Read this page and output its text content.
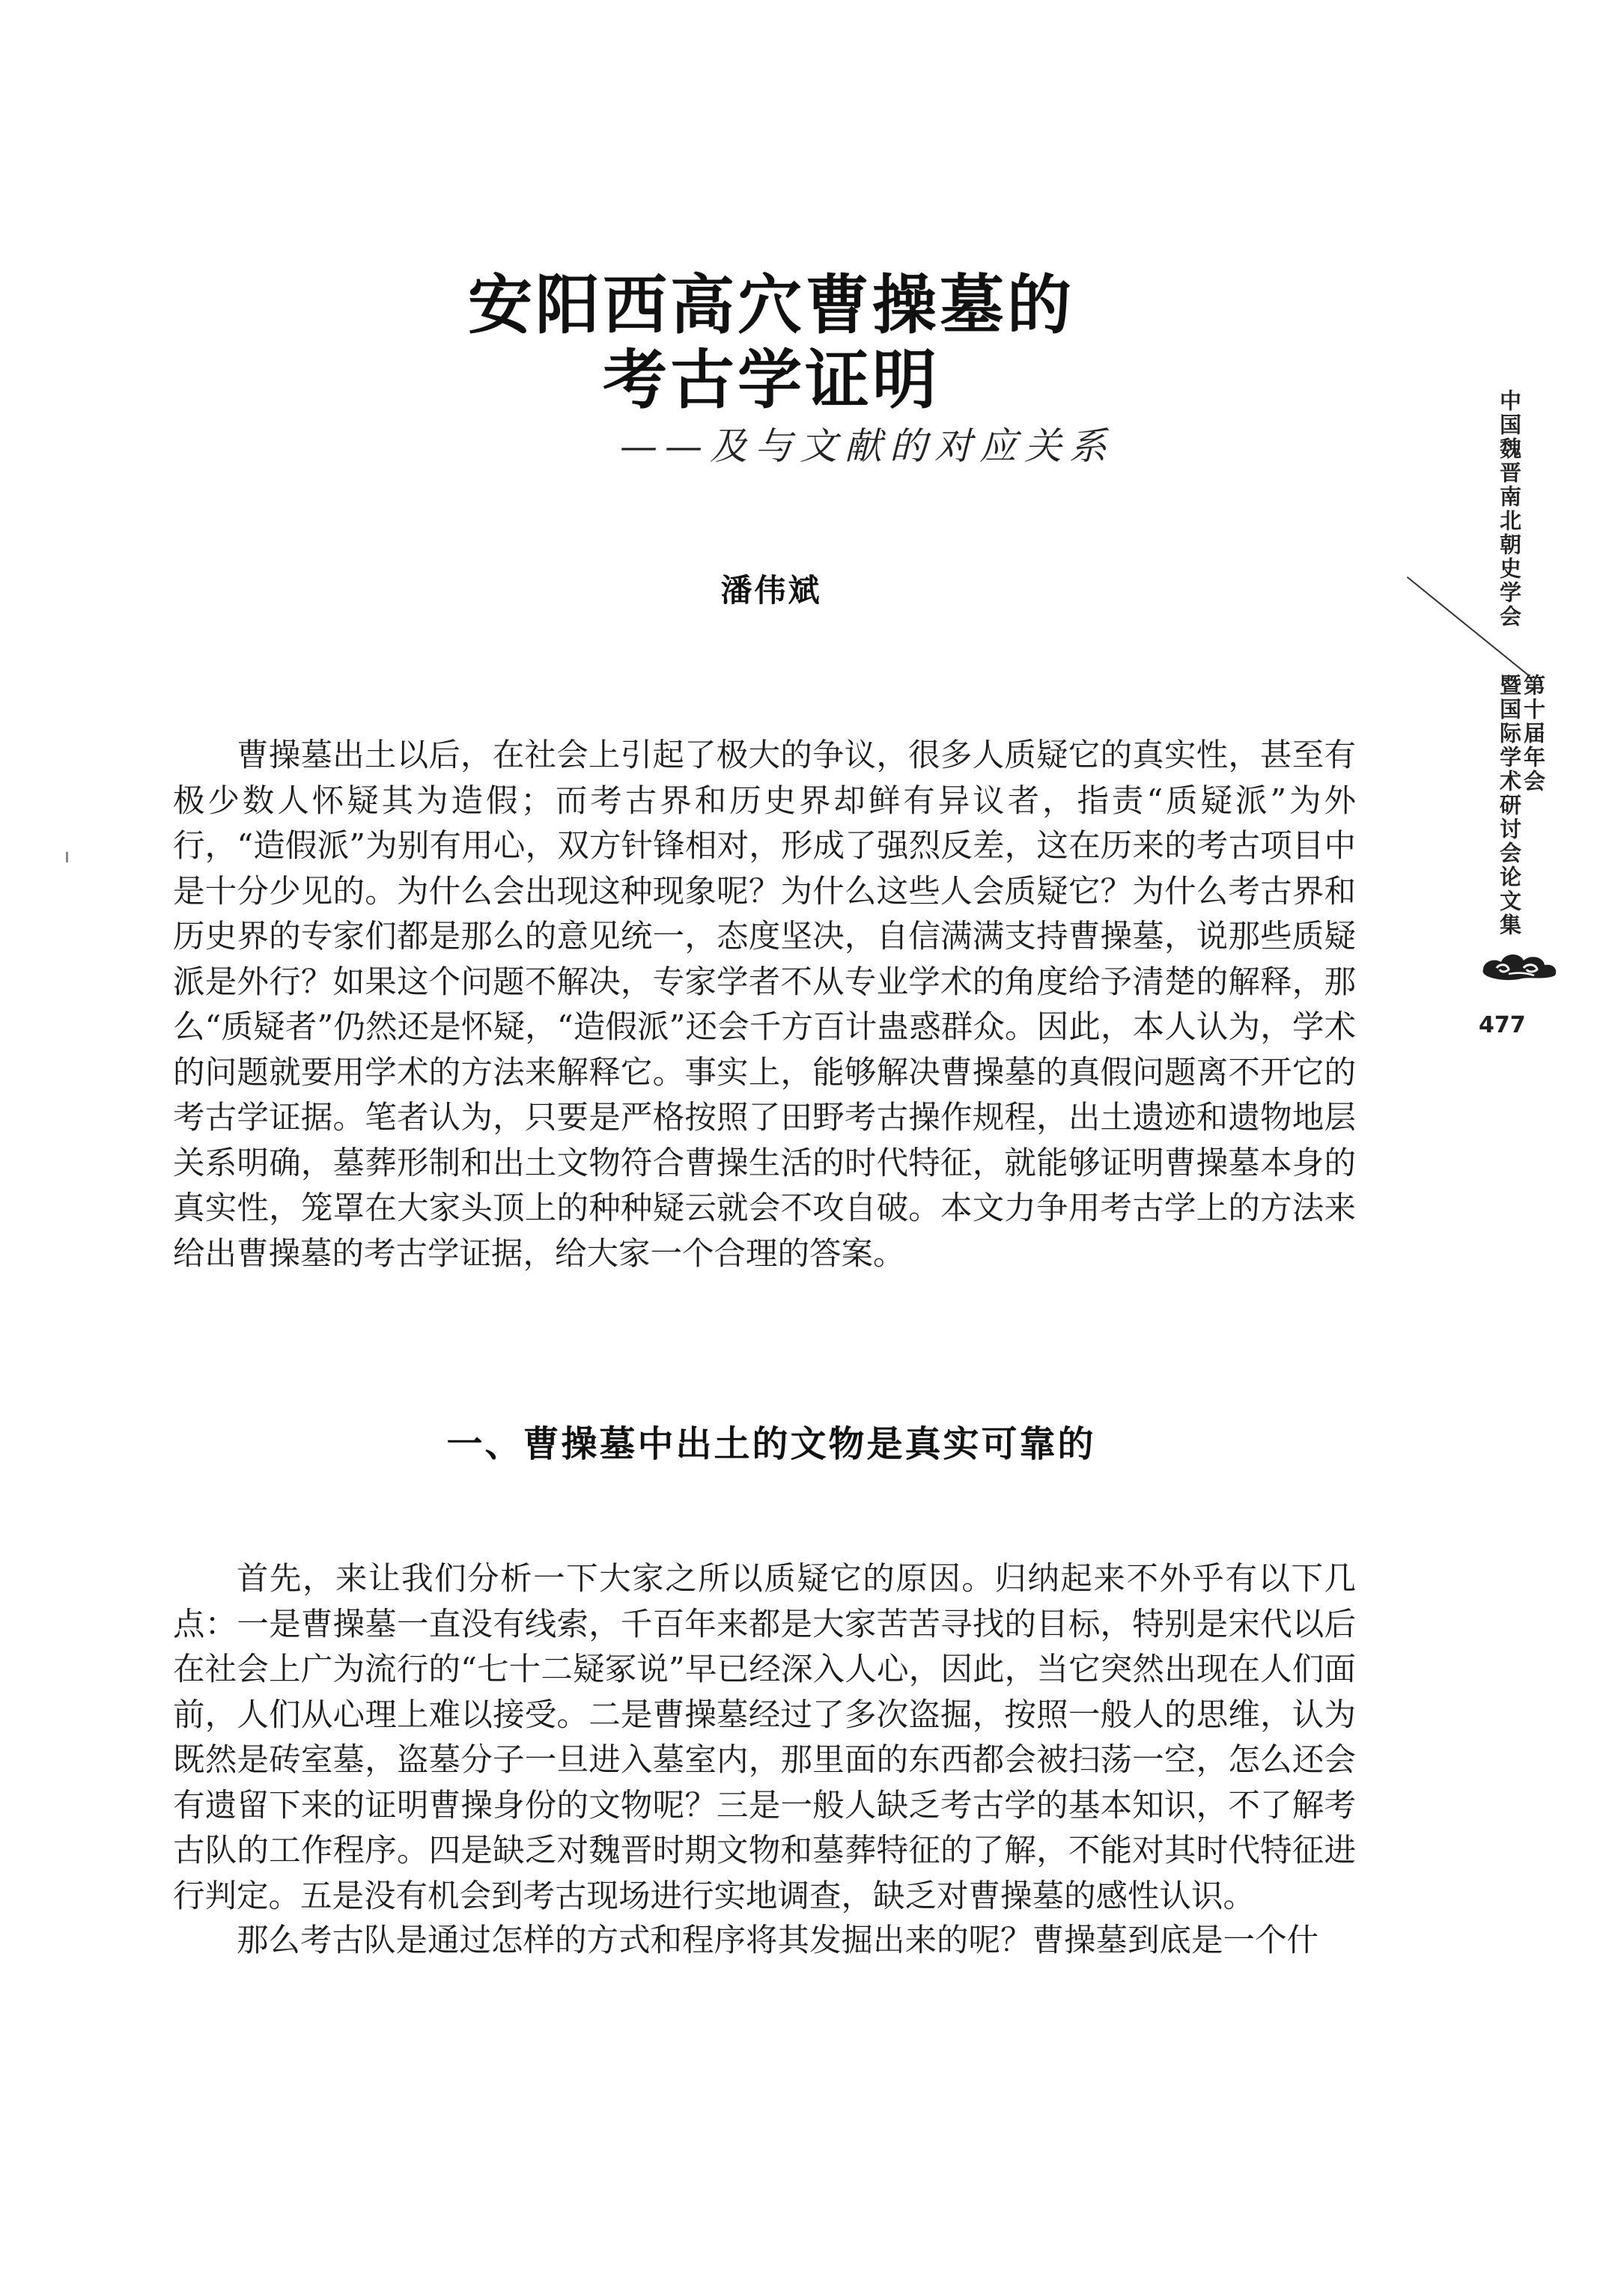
安阳西高穴曹操墓的
考古学证明
——及与文献的对应关系
潘伟斌

曹操墓出土以后，在社会上引起了极大的争议，很多人质疑它的真实性，甚至有极少数人怀疑其为造假；而考古界和历史界却鲜有异议者，指责“质疑派”为外行，“造假派”为别有用心，双方针锋相对，形成了强烈反差，这在历来的考古项目中是十分少见的。为什么会出现这种现象呢？为什么这些人会质疑它？为什么考古界和历史界的专家们都是那么的意见统一，态度坚决，自信满满支持曹操墓，说那些质疑派是外行？如果这个问题不解决，专家学者不从专业学术的角度给予清楚的解释，那么“质疑者”仍然还是怀疑，“造假派”还会千方百计蛊惑群众。因此，本人认为，学术的问题就要用学术的方法来解释它。事实上，能够解决曹操墓的真假问题离不开它的考古学证据。笔者认为，只要是严格按照了田野考古操作规程，出土遗迹和遗物地层关系明确，墓葬形制和出土文物符合曹操生活的时代特征，就能够证明曹操墓本身的真实性，笼罩在大家头顶上的种种疑云就会不攻自破。本文力争用考古学上的方法来给出曹操墓的考古学证据，给大家一个合理的答案。

一、曹操墓中出土的文物是真实可靠的

首先，来让我们分析一下大家之所以质疑它的原因。归纳起来不外乎有以下几点：一是曹操墓一直没有线索，千百年来都是大家苦苦寻找的目标，特别是宋代以后在社会上广为流行的“七十二疑冢说”早已经深入人心，因此，当它突然出现在人们面前，人们从心理上难以接受。二是曹操墓经过了多次盗掘，按照一般人的思维，认为既然是砖室墓，盗墓分子一旦进入墓室内，那里面的东西都会被扫荡一空，怎么还会有遗留下来的证明曹操身份的文物呢？三是一般人缺乏考古学的基本知识，不了解考古队的工作程序。四是缺乏对魏晋时期文物和墓葬特征的了解，不能对其时代特征进行判定。五是没有机会到考古现场进行实地调查，缺乏对曹操墓的感性认识。

那么考古队是通过怎样的方式和程序将其发掘出来的呢？曹操墓到底是一个什

中国魏晋南北朝史学会
第十届年会
暨国际学术研讨会论文集
477
